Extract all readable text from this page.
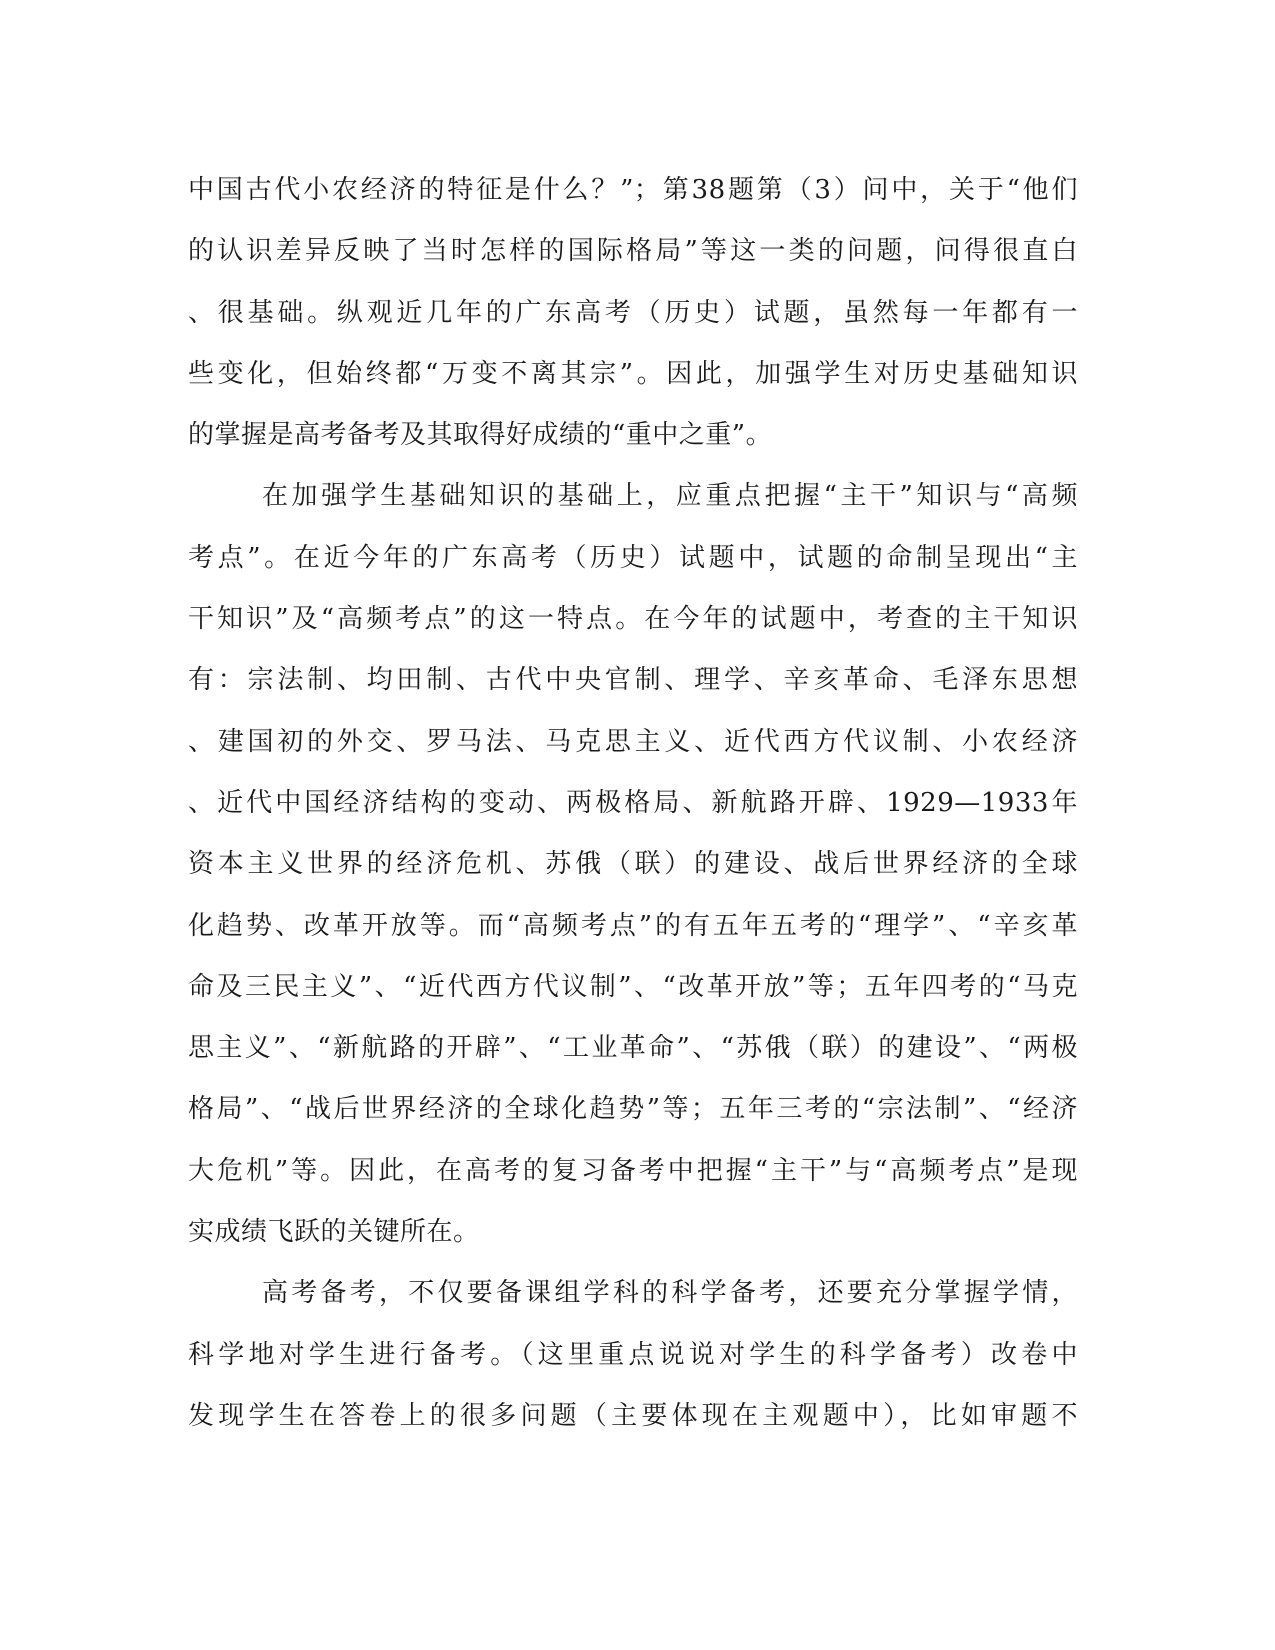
中国古代小农经济的特征是什么？”；第38题第（3）问中，关于“他们
的认识差异反映了当时怎样的国际格局”等这一类的问题，问得很直白
、很基础。纵观近几年的广东高考（历史）试题，虽然每一年都有一
些变化，但始终都“万变不离其宗”。因此，加强学生对历史基础知识
的掌握是高考备考及其取得好成绩的“重中之重”。
在加强学生基础知识的基础上，应重点把握“主干”知识与“高频
考点”。在近今年的广东高考（历史）试题中，试题的命制呈现出“主
干知识”及“高频考点”的这一特点。在今年的试题中，考查的主干知识
有：宗法制、均田制、古代中央官制、理学、辛亥革命、毛泽东思想
、建国初的外交、罗马法、马克思主义、近代西方代议制、小农经济
、近代中国经济结构的变动、两极格局、新航路开辟、1929—1933年
资本主义世界的经济危机、苏俄（联）的建设、战后世界经济的全球
化趋势、改革开放等。而“高频考点”的有五年五考的“理学”、“辛亥革
命及三民主义”、“近代西方代议制”、“改革开放”等；五年四考的“马克
思主义”、“新航路的开辟”、“工业革命”、“苏俄（联）的建设”、“两极
格局”、“战后世界经济的全球化趋势”等；五年三考的“宗法制”、“经济
大危机”等。因此，在高考的复习备考中把握“主干”与“高频考点”是现
实成绩飞跃的关键所在。
高考备考，不仅要备课组学科的科学备考，还要充分掌握学情，
科学地对学生进行备考。（这里重点说说对学生的科学备考）改卷中
发现学生在答卷上的很多问题（主要体现在主观题中），比如审题不
